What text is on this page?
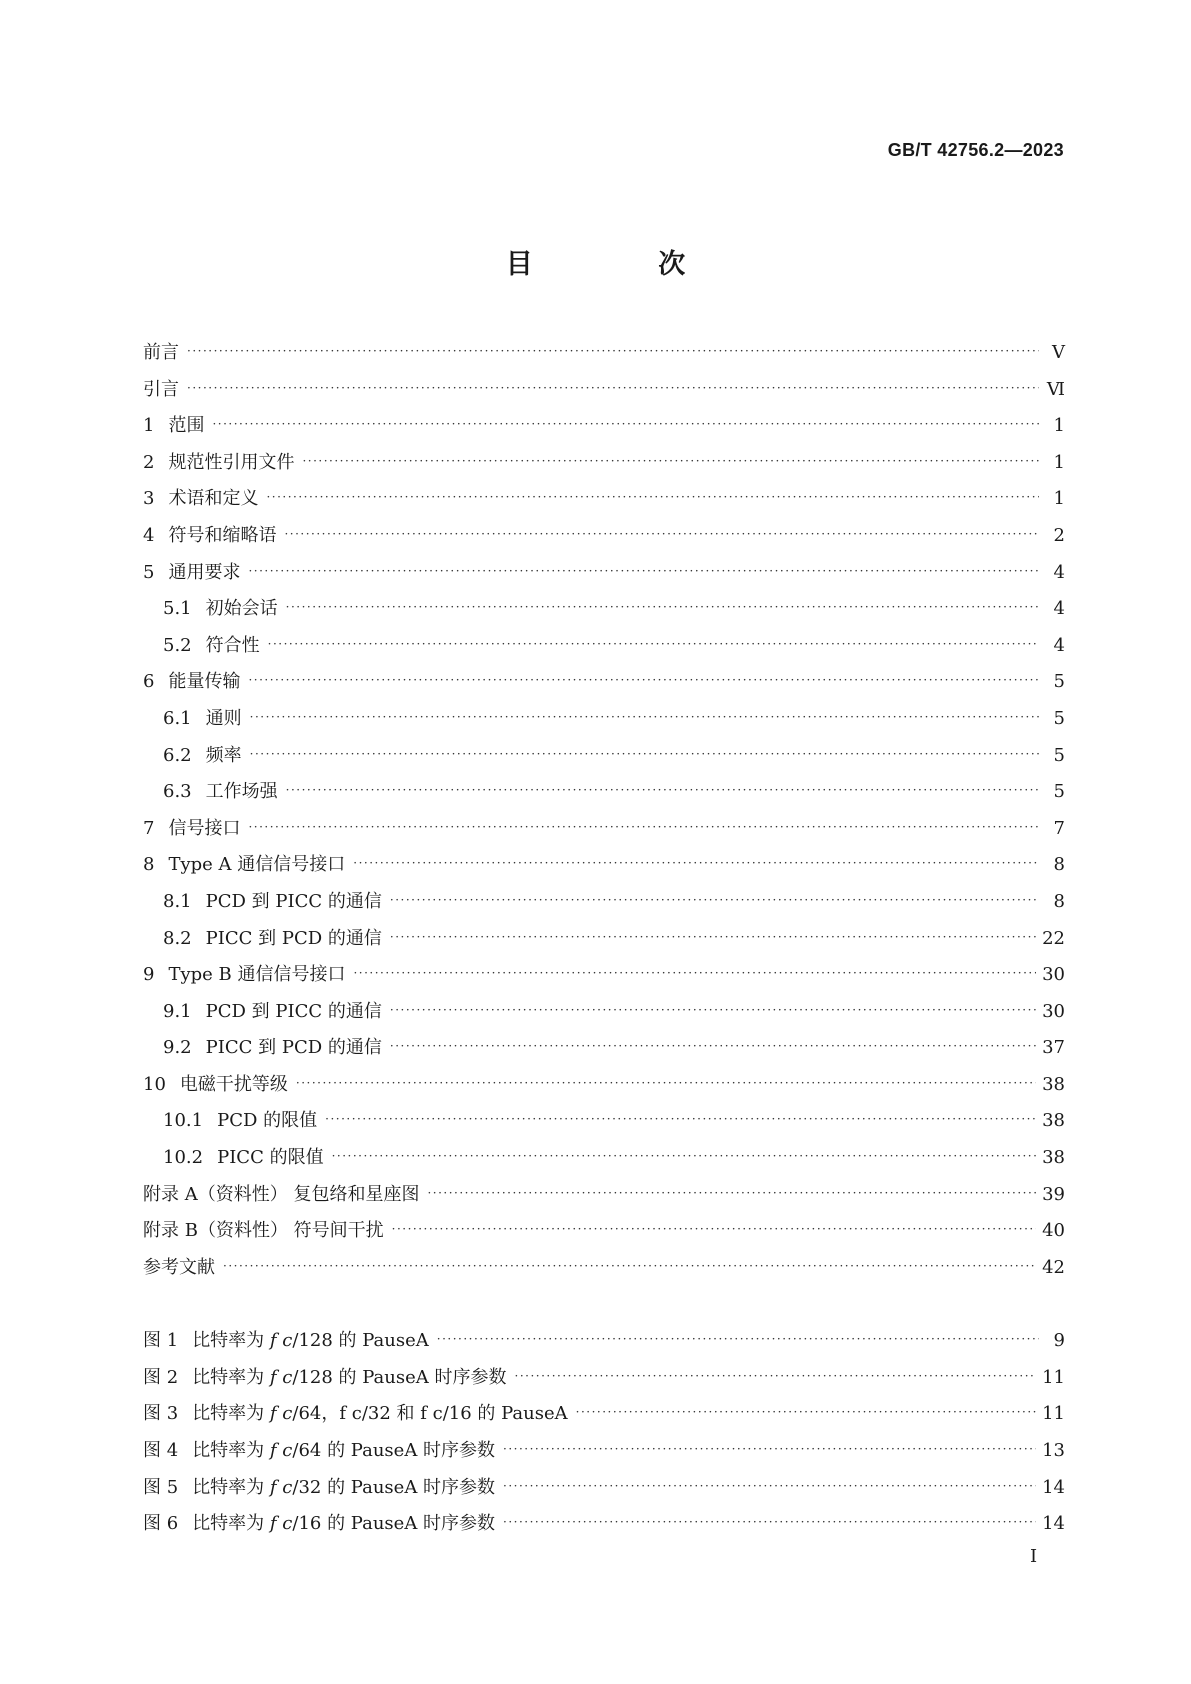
GB/T 42756.2—2023
目 次
前言 ·····	Ⅴ
引言 ·····	Ⅵ
1 范围 ·····	1
2 规范性引用文件 ·····	1
3 术语和定义 ·····	1
4 符号和缩略语 ·····	2
5 通用要求 ·····	4
5.1 初始会话 ·····	4
5.2 符合性 ·····	4
6 能量传输 ·····	5
6.1 通则 ·····	5
6.2 频率 ·····	5
6.3 工作场强 ·····	5
7 信号接口 ·····	7
8 Type A 通信信号接口 ·····	8
8.1 PCD 到 PICC 的通信 ·····	8
8.2 PICC 到 PCD 的通信 ·····	22
9 Type B 通信信号接口 ·····	30
9.1 PCD 到 PICC 的通信 ·····	30
9.2 PICC 到 PCD 的通信 ·····	37
10 电磁干扰等级 ·····	38
10.1 PCD 的限值 ·····	38
10.2 PICC 的限值 ·····	38
附录 A（资料性） 复包络和星座图 ·····	39
附录 B（资料性） 符号间干扰 ·····	40
参考文献 ·····	42
图 1 比特率为 f c/128 的 PauseA ·····	9
图 2 比特率为 f c/128 的 PauseA 时序参数 ·····	11
图 3 比特率为 f c/64，f c/32 和 f c/16 的 PauseA ·····	11
图 4 比特率为 f c/64 的 PauseA 时序参数 ·····	13
图 5 比特率为 f c/32 的 PauseA 时序参数 ·····	14
图 6 比特率为 f c/16 的 PauseA 时序参数 ·····	14
Ⅰ
